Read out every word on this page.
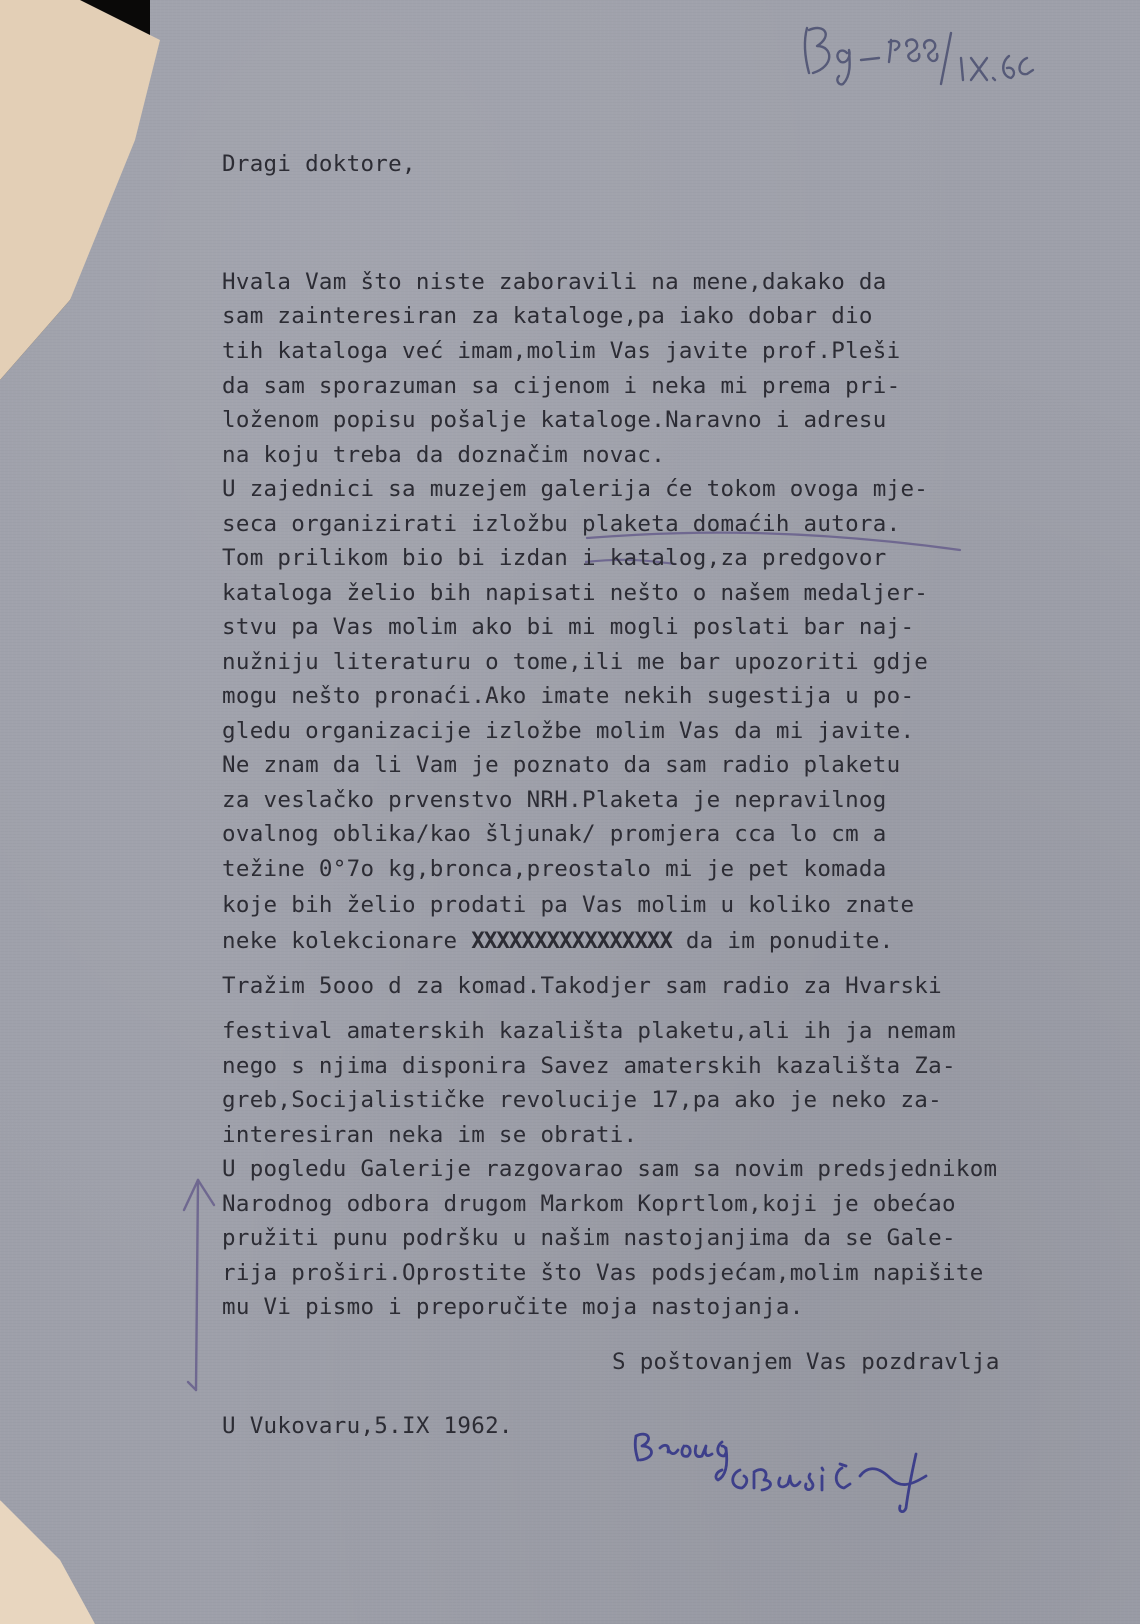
Dragi doktore,
Hvala Vam što niste zaboravili na mene,dakako da
sam zainteresiran za kataloge,pa iako dobar dio
tih kataloga već imam,molim Vas javite prof.Pleši
da sam sporazuman sa cijenom i neka mi prema pri-
loženom popisu pošalje kataloge.Naravno i adresu
na koju treba da doznačim novac.
U zajednici sa muzejem galerija će tokom ovoga mje-
seca organizirati izložbu plaketa domaćih autora.
Tom prilikom bio bi izdan i katalog,za predgovor
kataloga želio bih napisati nešto o našem medaljer-
stvu pa Vas molim ako bi mi mogli poslati bar naj-
nužniju literaturu o tome,ili me bar upozoriti gdje
mogu nešto pronaći.Ako imate nekih sugestija u po-
gledu organizacije izložbe molim Vas da mi javite.
Ne znam da li Vam je poznato da sam radio plaketu
za veslačko prvenstvo NRH.Plaketa je nepravilnog
ovalnog oblika/kao šljunak/ promjera cca lo cm a
težine 0°7o kg,bronca,preostalo mi je pet komada
koje bih želio prodati pa Vas molim u koliko znate
neke kolekcionare XXXXXXXXXXXXXXXX da im ponudite.
Tražim 5ooo d za komad.Takodjer sam radio za Hvarski
festival amaterskih kazališta plaketu,ali ih ja nemam
nego s njima disponira Savez amaterskih kazališta Za-
greb,Socijalističke revolucije 17,pa ako je neko za-
interesiran neka im se obrati.
U pogledu Galerije razgovarao sam sa novim predsjednikom
Narodnog odbora drugom Markom Koprtlom,koji je obećao
pružiti punu podršku u našim nastojanjima da se Gale-
rija proširi.Oprostite što Vas podsjećam,molim napišite
mu Vi pismo i preporučite moja nastojanja.
S poštovanjem Vas pozdravlja
U Vukovaru,5.IX 1962.
